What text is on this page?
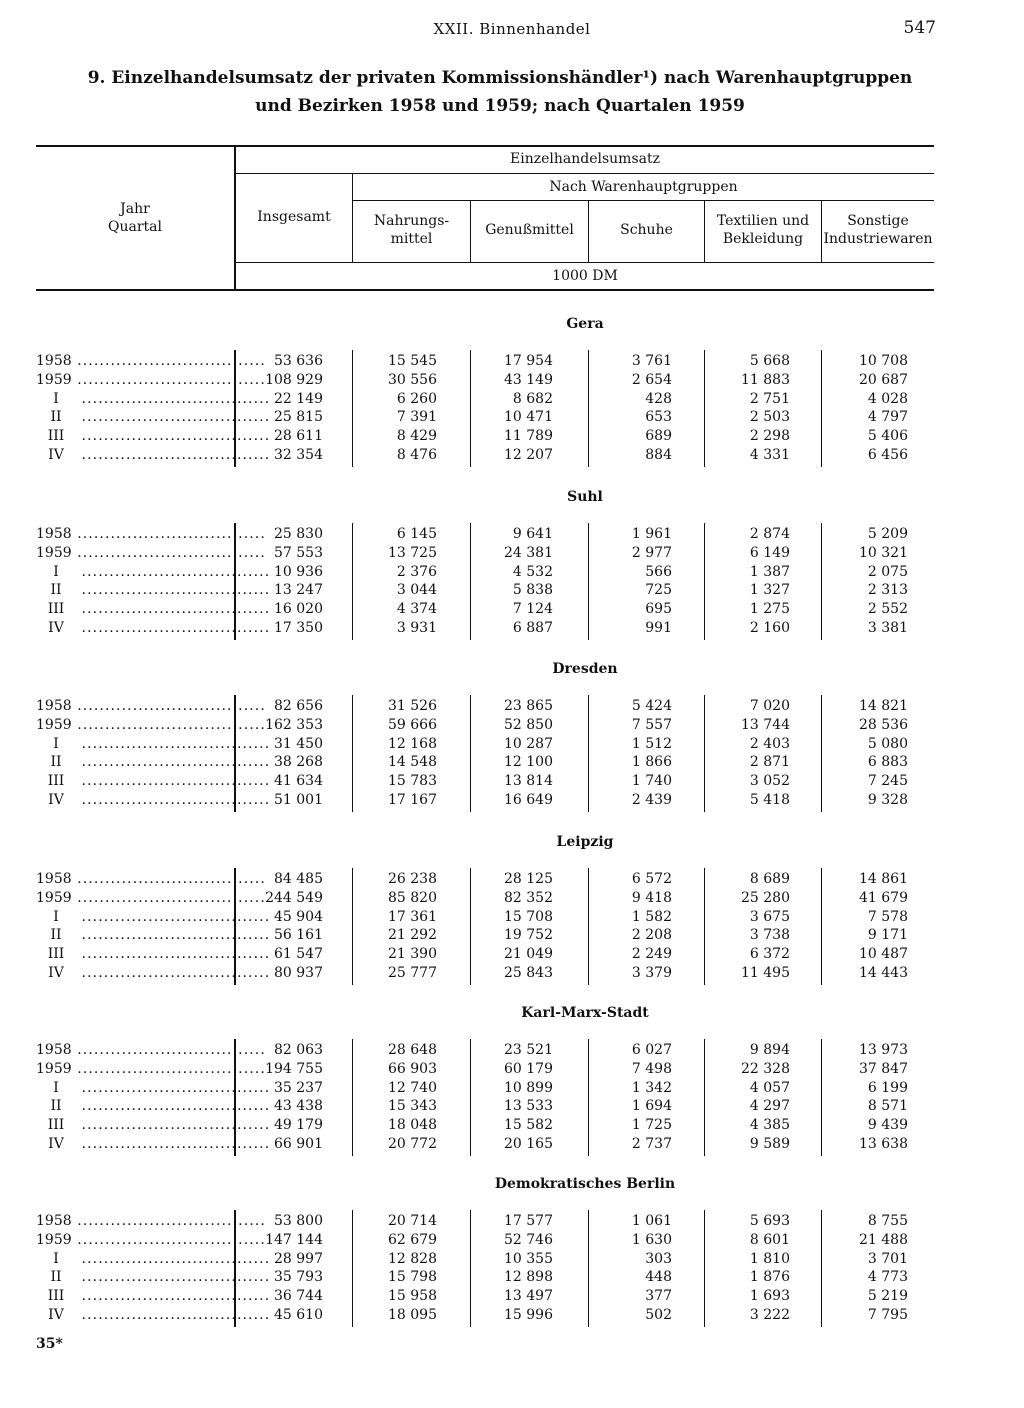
XXII. Binnenhandel	547
9. Einzelhandelsumsatz der privaten Kommissionshändler¹) nach Warenhauptgruppen
und Bezirken 1958 und 1959; nach Quartalen 1959
Jahr
Quartal
Einzelhandelsumsatz
Nach Warenhauptgruppen
Insgesamt	Nahrungs-
mittel
Genußmittel	Schuhe
Textilien und
Bekleidung
Sonstige
Industriewaren
1000 DM
Gera
1958 .................................. 53 636	15 545	17 954	3 761	5 668	10 708
1959 .................................. 108 929	30 556	43 149	2 654	11 883	20 687
I .................................. 22 149	6 260	8 682	428	2 751	4 028
II .................................. 25 815	7 391	10 471	653	2 503	4 797
III .................................. 28 611	8 429	11 789	689	2 298	5 406
IV .................................. 32 354	8 476	12 207	884	4 331	6 456
Suhl
1958 .................................. 25 830	6 145	9 641	1 961	2 874	5 209
1959 .................................. 57 553	13 725	24 381	2 977	6 149	10 321
I .................................. 10 936	2 376	4 532	566	1 387	2 075
II .................................. 13 247	3 044	5 838	725	1 327	2 313
III .................................. 16 020	4 374	7 124	695	1 275	2 552
IV .................................. 17 350	3 931	6 887	991	2 160	3 381
Dresden
1958 .................................. 82 656	31 526	23 865	5 424	7 020	14 821
1959 .................................. 162 353	59 666	52 850	7 557	13 744	28 536
I .................................. 31 450	12 168	10 287	1 512	2 403	5 080
II .................................. 38 268	14 548	12 100	1 866	2 871	6 883
III .................................. 41 634	15 783	13 814	1 740	3 052	7 245
IV .................................. 51 001	17 167	16 649	2 439	5 418	9 328
Leipzig
1958 .................................. 84 485	26 238	28 125	6 572	8 689	14 861
1959 .................................. 244 549	85 820	82 352	9 418	25 280	41 679
I .................................. 45 904	17 361	15 708	1 582	3 675	7 578
II .................................. 56 161	21 292	19 752	2 208	3 738	9 171
III .................................. 61 547	21 390	21 049	2 249	6 372	10 487
IV .................................. 80 937	25 777	25 843	3 379	11 495	14 443
Karl-Marx-Stadt
1958 .................................. 82 063	28 648	23 521	6 027	9 894	13 973
1959 .................................. 194 755	66 903	60 179	7 498	22 328	37 847
I .................................. 35 237	12 740	10 899	1 342	4 057	6 199
II .................................. 43 438	15 343	13 533	1 694	4 297	8 571
III .................................. 49 179	18 048	15 582	1 725	4 385	9 439
IV .................................. 66 901	20 772	20 165	2 737	9 589	13 638
Demokratisches Berlin
1958 .................................. 53 800	20 714	17 577	1 061	5 693	8 755
1959 .................................. 147 144	62 679	52 746	1 630	8 601	21 488
I .................................. 28 997	12 828	10 355	303	1 810	3 701
II .................................. 35 793	15 798	12 898	448	1 876	4 773
III .................................. 36 744	15 958	13 497	377	1 693	5 219
IV .................................. 45 610	18 095	15 996	502	3 222	7 795
35*
